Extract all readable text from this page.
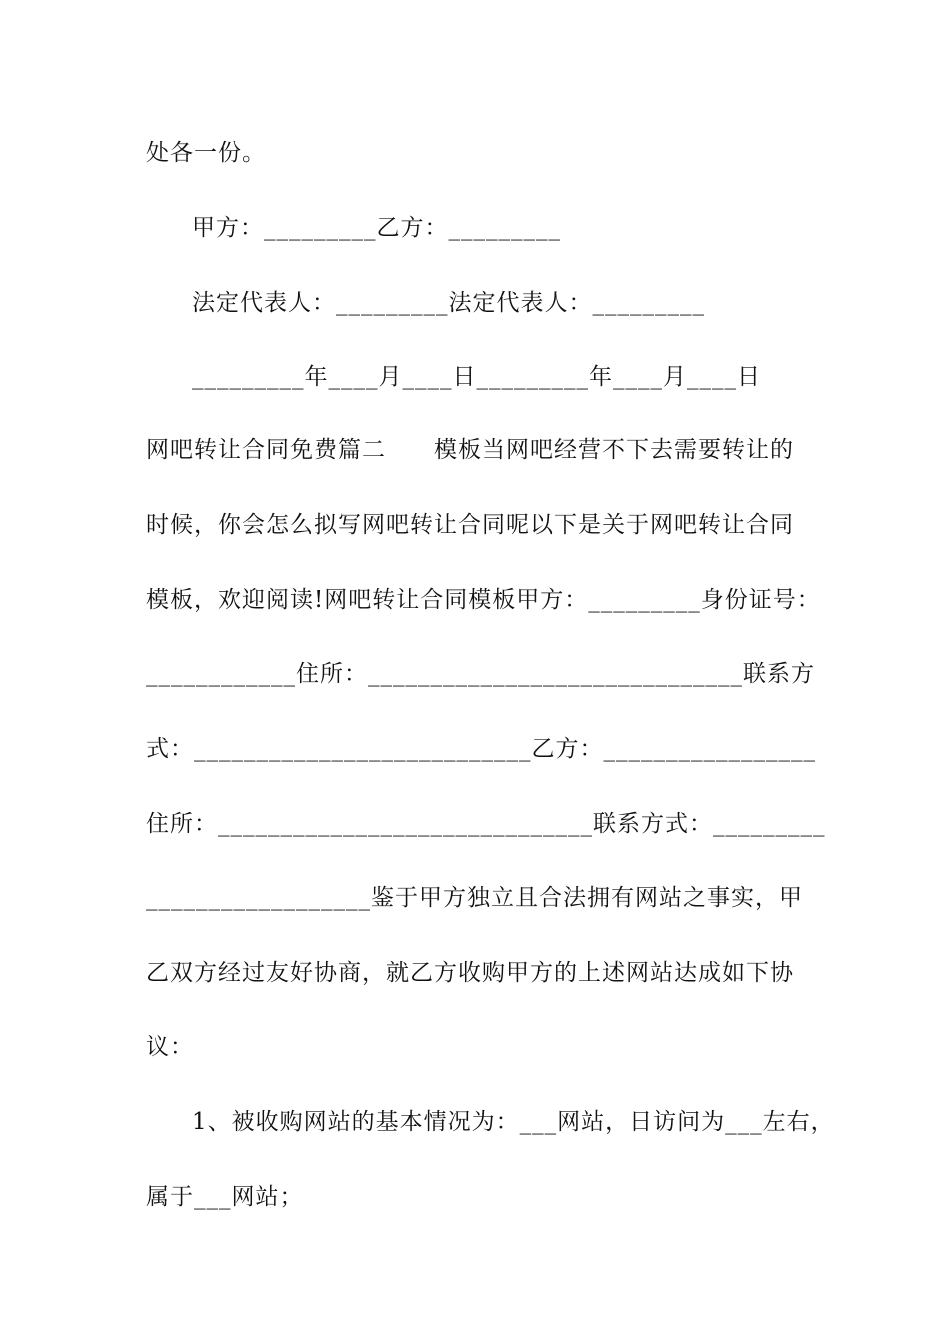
处各一份。
甲方：_________乙方：_________
法定代表人：_________法定代表人：_________
_________年____月____日_________年____月____日
网吧转让合同免费篇二　　模板当网吧经营不下去需要转让的
时候，你会怎么拟写网吧转让合同呢以下是关于网吧转让合同
模板，欢迎阅读!网吧转让合同模板甲方：_________身份证号：
____________住所：______________________________联系方
式：___________________________乙方：_________________
住所：______________________________联系方式：_________
__________________鉴于甲方独立且合法拥有网站之事实，甲
乙双方经过友好协商，就乙方收购甲方的上述网站达成如下协
议：
1、被收购网站的基本情况为：___网站，日访问为___左右，
属于___网站；
